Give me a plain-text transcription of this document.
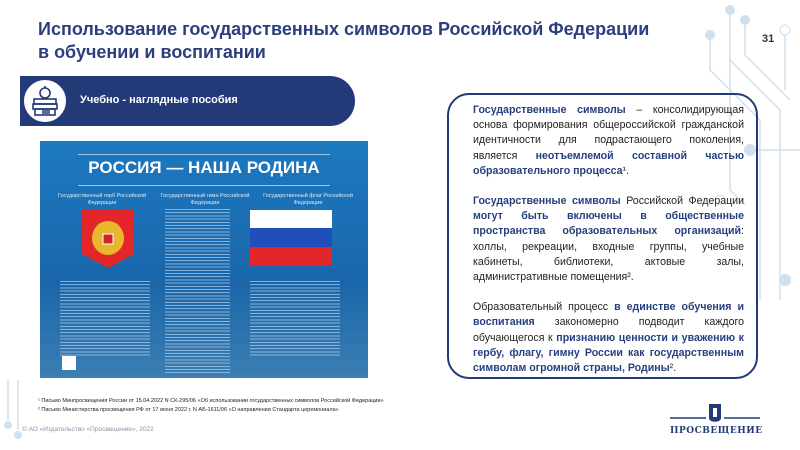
Использование государственных символов Российской Федерации
в обучении и воспитании
31
Учебно - наглядные пособия
РОССИЯ — НАША РОДИНА
Государственный герб Российской Федерации
Государственный гимн Российской Федерации
Государственный флаг Российской Федерации

Государственные символы – консолидирующая основа формирования общероссийской гражданской идентичности для подрастающего поколения, является неотъемлемой составной частью образовательного процесса¹.

Государственные символы Российской Федерации могут быть включены в общественные пространства образовательных организаций: холлы, рекреации, входные группы, учебные кабинеты, библиотеки, актовые залы, административные помещения².

Образовательный процесс в единстве обучения и воспитания закономерно подводит каждого обучающегося к признанию ценности и уважению к гербу, флагу, гимну России как государственным символам огромной страны, Родины².

¹ Письмо Минпросвещения России от 15.04.2022 N СК-295/06 «Об использовании государственных символов Российской Федерации»
² Письмо Министерства просвещения РФ от 17 июня 2022 г. N АБ-1611/06 «О направлении Стандарта церемониала»
© АО «Издательство «Просвещение», 2022	ПРОСВЕЩЕНИЕ
